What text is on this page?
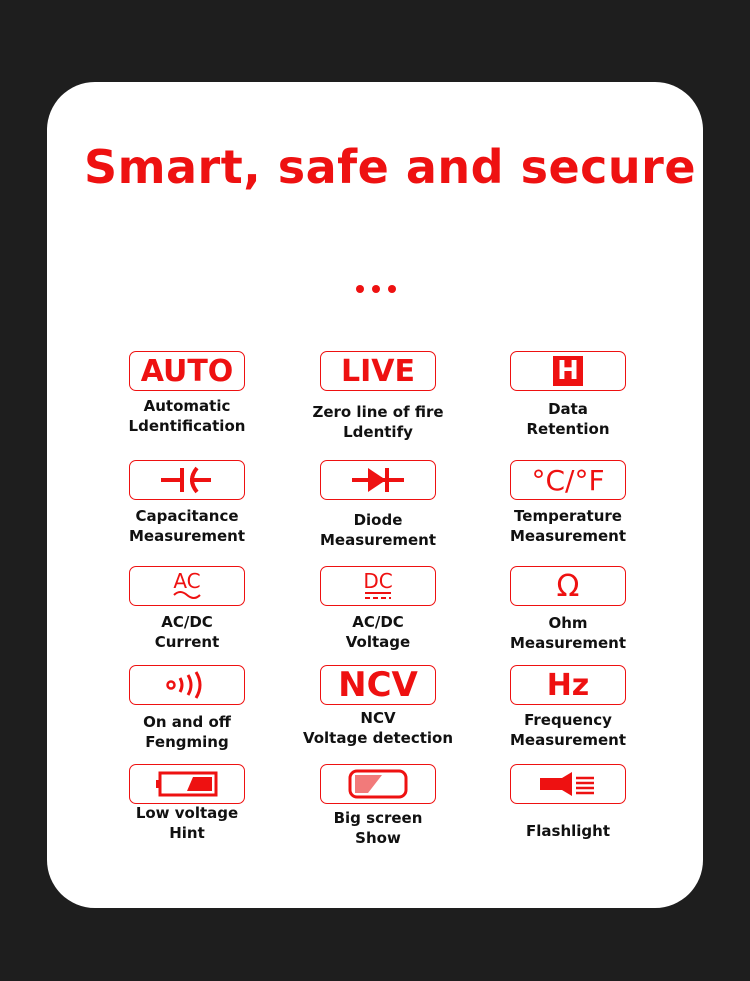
Smart, safe and secure
AUTO
Automatic
Ldentification
LIVE
Zero line of fire
Ldentify
H
Data
Retention
Capacitance
Measurement
Diode
Measurement
°C/°F
Temperature
Measurement
AC
AC/DC
Current
DC
AC/DC
Voltage
Ω
Ohm
Measurement
On and off
Fengming
NCV
NCV
Voltage detection
Hz
Frequency
Measurement
Low voltage
Hint
Big screen
Show	Flashlight
